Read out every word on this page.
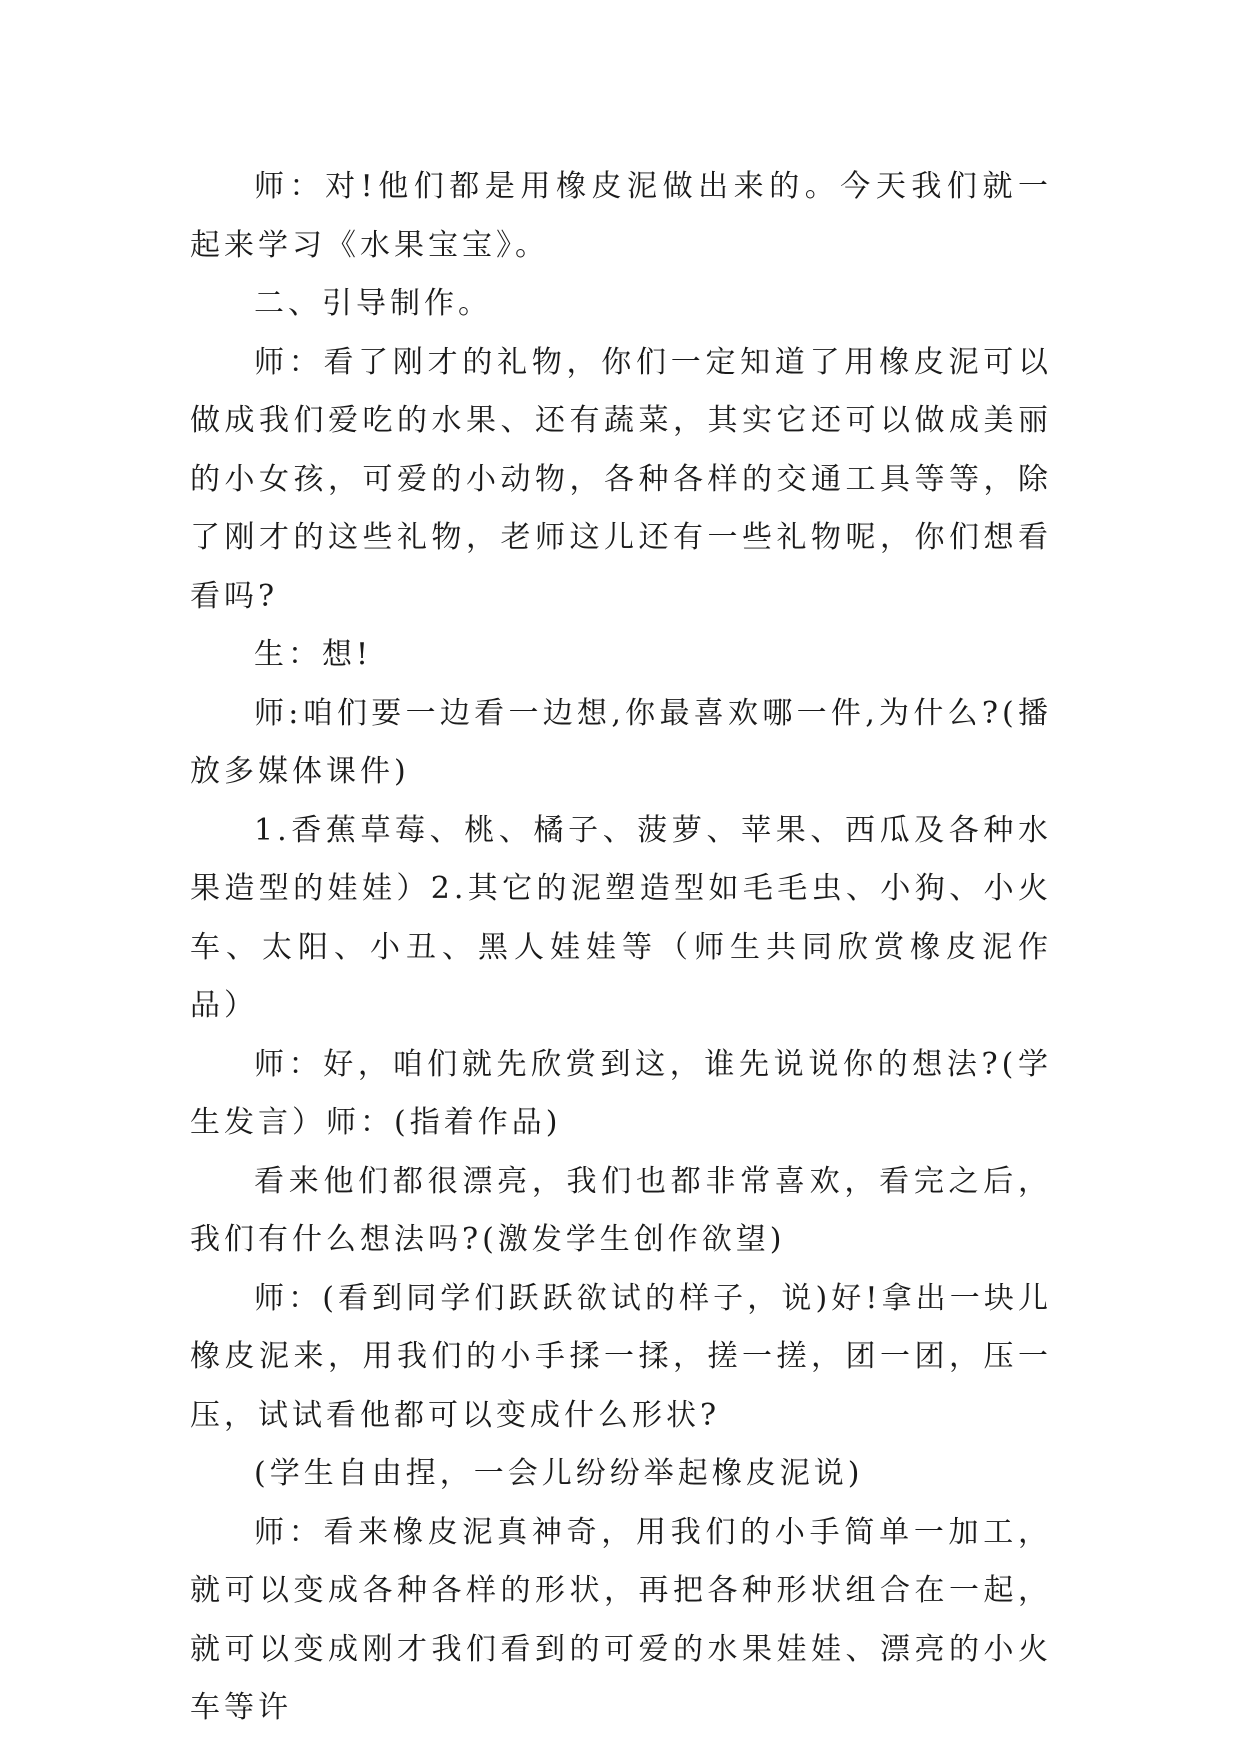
师：对!他们都是用橡皮泥做出来的。今天我们就一起来学习《水果宝宝》。

二、引导制作。

师：看了刚才的礼物，你们一定知道了用橡皮泥可以做成我们爱吃的水果、还有蔬菜，其实它还可以做成美丽的小女孩，可爱的小动物，各种各样的交通工具等等，除了刚才的这些礼物，老师这儿还有一些礼物呢，你们想看看吗?

生：想!

师:咱们要一边看一边想,你最喜欢哪一件,为什么?(播放多媒体课件)

1.香蕉草莓、桃、橘子、菠萝、苹果、西瓜及各种水果造型的娃娃）2.其它的泥塑造型如毛毛虫、小狗、小火车、太阳、小丑、黑人娃娃等（师生共同欣赏橡皮泥作品）

师：好，咱们就先欣赏到这，谁先说说你的想法?(学生发言）师：(指着作品)

看来他们都很漂亮，我们也都非常喜欢，看完之后，我们有什么想法吗?(激发学生创作欲望)

师：(看到同学们跃跃欲试的样子，说)好!拿出一块儿橡皮泥来，用我们的小手揉一揉，搓一搓，团一团，压一压，试试看他都可以变成什么形状?

(学生自由捏，一会儿纷纷举起橡皮泥说)

师：看来橡皮泥真神奇，用我们的小手简单一加工，就可以变成各种各样的形状，再把各种形状组合在一起，就可以变成刚才我们看到的可爱的水果娃娃、漂亮的小火车等许
